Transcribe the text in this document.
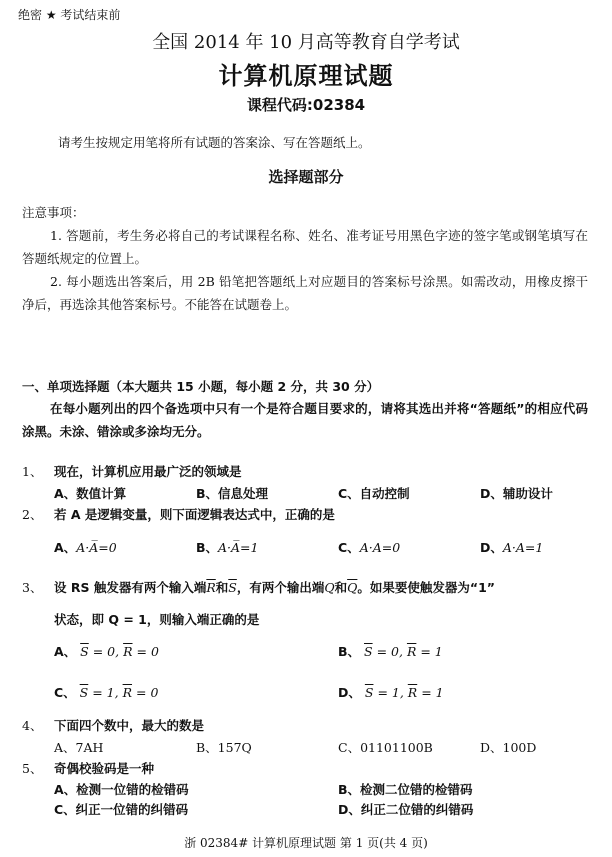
绝密 ★ 考试结束前
全国 2014 年 10 月高等教育自学考试
计算机原理试题
课程代码:02384
请考生按规定用笔将所有试题的答案涂、写在答题纸上。
选择题部分
注意事项：
1. 答题前，考生务必将自己的考试课程名称、姓名、准考证号用黑色字迹的签字笔或钢笔填写在答题纸规定的位置上。
2. 每小题选出答案后，用 2B 铅笔把答题纸上对应题目的答案标号涂黑。如需改动，用橡皮擦干净后，再选涂其他答案标号。不能答在试题卷上。
一、单项选择题（本大题共 15 小题，每小题 2 分，共 30 分）
在每小题列出的四个备选项中只有一个是符合题目要求的，请将其选出并将“答题纸”的相应代码涂黑。未涂、错涂或多涂均无分。
1、 现在，计算机应用最广泛的领域是
A、数值计算	B、信息处理	C、自动控制	D、辅助设计
2、 若 A 是逻辑变量，则下面逻辑表达式中，正确的是
A、A·A̅=0	B、A·A̅=1	C、A·A=0	D、A·A=1
3、 设 RS 触发器有两个输入端$\overline{R}$和$\overline{S}$，有两个输出端Q和$\overline{Q}$。如果要使触发器为“1”
状态，即 Q = 1，则输入端正确的是
A、 $\overline{S} = 0$, $\overline{R} = 0$	B、 $\overline{S} = 0$, $\overline{R} = 1$
C、 $\overline{S} = 1$, $\overline{R} = 0$	D、 $\overline{S} = 1$, $\overline{R} = 1$
4、 下面四个数中，最大的数是
A、7AH	B、157Q	C、01101100B	D、100D
5、 奇偶校验码是一种
A、检测一位错的检错码	B、检测二位错的检错码
C、纠正一位错的纠错码	D、纠正二位错的纠错码
浙 02384# 计算机原理试题 第 1 页(共 4 页)
